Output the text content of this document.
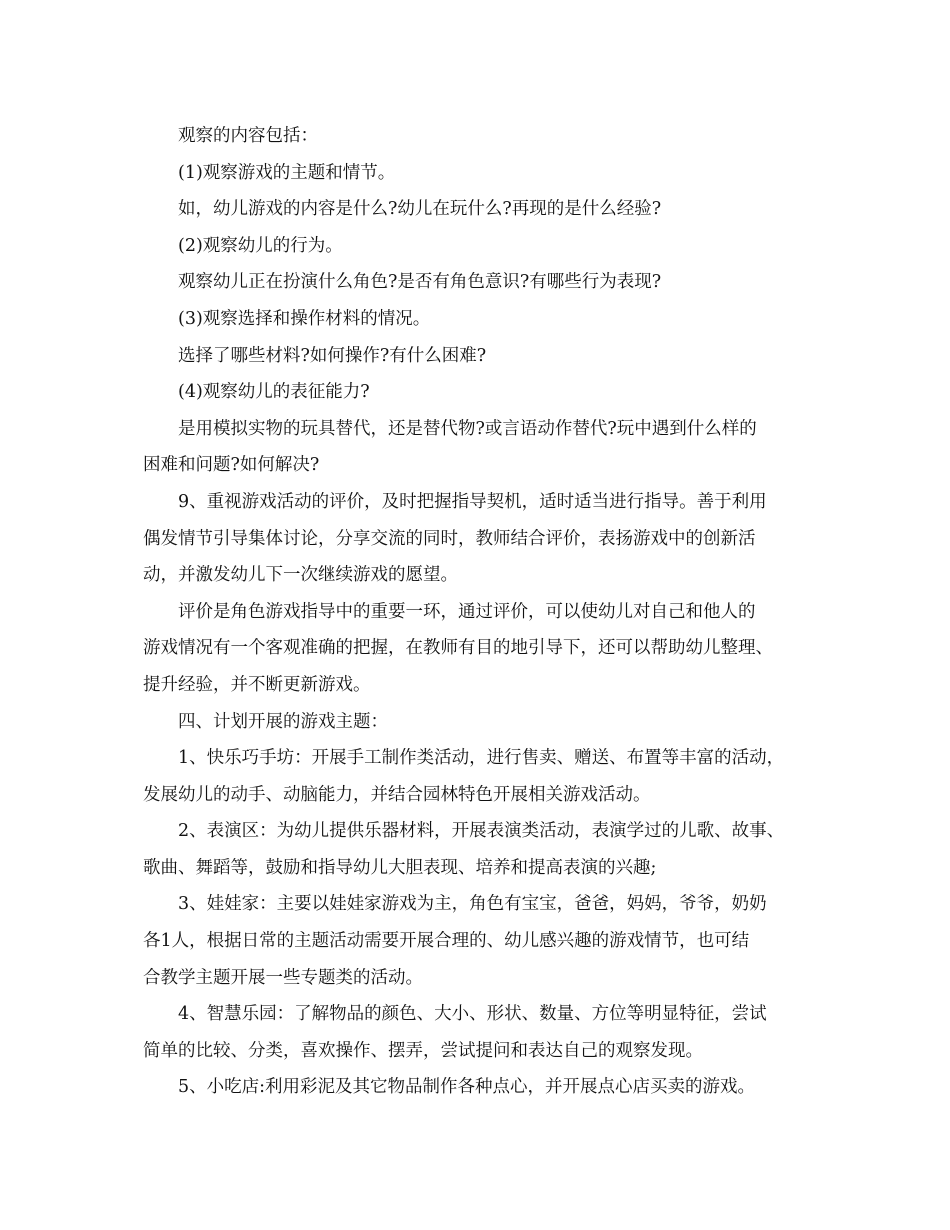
观察的内容包括：

(1)观察游戏的主题和情节。

如，幼儿游戏的内容是什么?幼儿在玩什么?再现的是什么经验?

(2)观察幼儿的行为。

观察幼儿正在扮演什么角色?是否有角色意识?有哪些行为表现?

(3)观察选择和操作材料的情况。

选择了哪些材料?如何操作?有什么困难?

(4)观察幼儿的表征能力?

是用模拟实物的玩具替代，还是替代物?或言语动作替代?玩中遇到什么样的
困难和问题?如何解决?

9、重视游戏活动的评价，及时把握指导契机，适时适当进行指导。善于利用
偶发情节引导集体讨论，分享交流的同时，教师结合评价，表扬游戏中的创新活
动，并激发幼儿下一次继续游戏的愿望。

评价是角色游戏指导中的重要一环，通过评价，可以使幼儿对自己和他人的
游戏情况有一个客观准确的把握，在教师有目的地引导下，还可以帮助幼儿整理、
提升经验，并不断更新游戏。

四、计划开展的游戏主题：

1、快乐巧手坊：开展手工制作类活动，进行售卖、赠送、布置等丰富的活动，
发展幼儿的动手、动脑能力，并结合园林特色开展相关游戏活动。

2、表演区：为幼儿提供乐器材料，开展表演类活动，表演学过的儿歌、故事、
歌曲、舞蹈等，鼓励和指导幼儿大胆表现、培养和提高表演的兴趣;

3、娃娃家：主要以娃娃家游戏为主，角色有宝宝，爸爸，妈妈，爷爷，奶奶
各1人，根据日常的主题活动需要开展合理的、幼儿感兴趣的游戏情节，也可结
合教学主题开展一些专题类的活动。

4、智慧乐园：了解物品的颜色、大小、形状、数量、方位等明显特征，尝试
简单的比较、分类，喜欢操作、摆弄，尝试提问和表达自己的观察发现。

5、小吃店:利用彩泥及其它物品制作各种点心，并开展点心店买卖的游戏。
